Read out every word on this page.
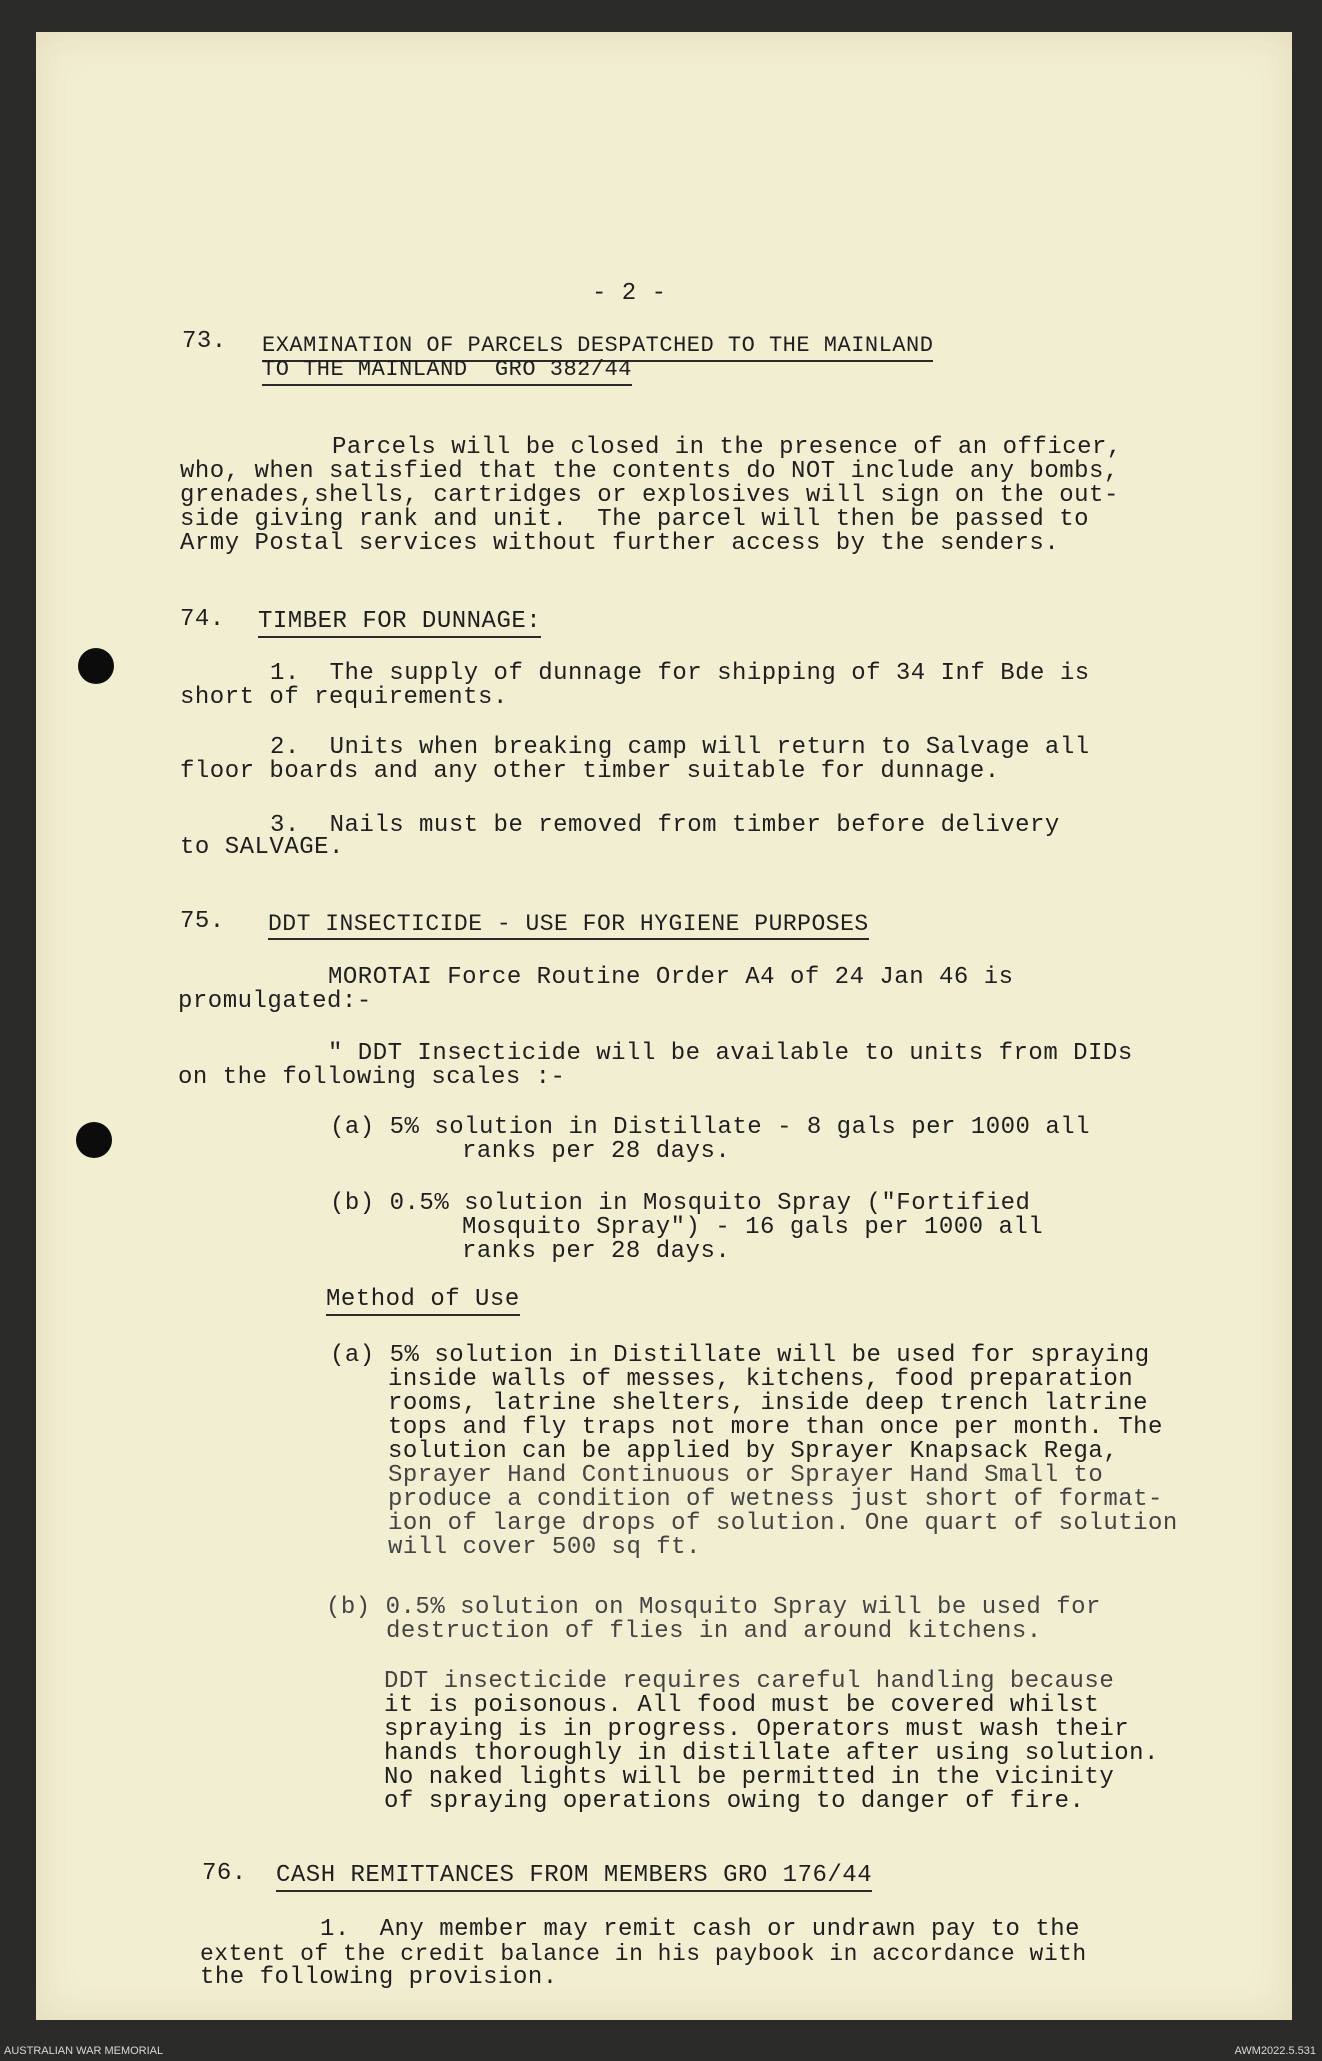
- 2 -
73. EXAMINATION OF PARCELS DESPATCHED TO THE MAINLAND
TO THE MAINLAND  GRO 382/44
Parcels will be closed in the presence of an officer,
who, when satisfied that the contents do NOT include any bombs,
grenades,shells, cartridges or explosives will sign on the out-
side giving rank and unit.  The parcel will then be passed to
Army Postal services without further access by the senders.
74. TIMBER FOR DUNNAGE:
1.  The supply of dunnage for shipping of 34 Inf Bde is
short of requirements.
2.  Units when breaking camp will return to Salvage all
floor boards and any other timber suitable for dunnage.
3.  Nails must be removed from timber before delivery
to SALVAGE.
75. DDT INSECTICIDE - USE FOR HYGIENE PURPOSES
MOROTAI Force Routine Order A4 of 24 Jan 46 is
promulgated:-
" DDT Insecticide will be available to units from DIDs
on the following scales :-
(a) 5% solution in Distillate - 8 gals per 1000 all
ranks per 28 days.
(b) 0.5% solution in Mosquito Spray ("Fortified
Mosquito Spray") - 16 gals per 1000 all
ranks per 28 days.
Method of Use
(a) 5% solution in Distillate will be used for spraying
inside walls of messes, kitchens, food preparation
rooms, latrine shelters, inside deep trench latrine
tops and fly traps not more than once per month. The
solution can be applied by Sprayer Knapsack Rega,
Sprayer Hand Continuous or Sprayer Hand Small to
produce a condition of wetness just short of format-
ion of large drops of solution. One quart of solution
will cover 500 sq ft.
(b) 0.5% solution on Mosquito Spray will be used for
destruction of flies in and around kitchens.
DDT insecticide requires careful handling because
it is poisonous. All food must be covered whilst
spraying is in progress. Operators must wash their
hands thoroughly in distillate after using solution.
No naked lights will be permitted in the vicinity
of spraying operations owing to danger of fire.
76. CASH REMITTANCES FROM MEMBERS GRO 176/44
1.  Any member may remit cash or undrawn pay to the
extent of the credit balance in his paybook in accordance with
the following provision.
AUSTRALIAN WAR MEMORIAL	AWM2022.5.531
